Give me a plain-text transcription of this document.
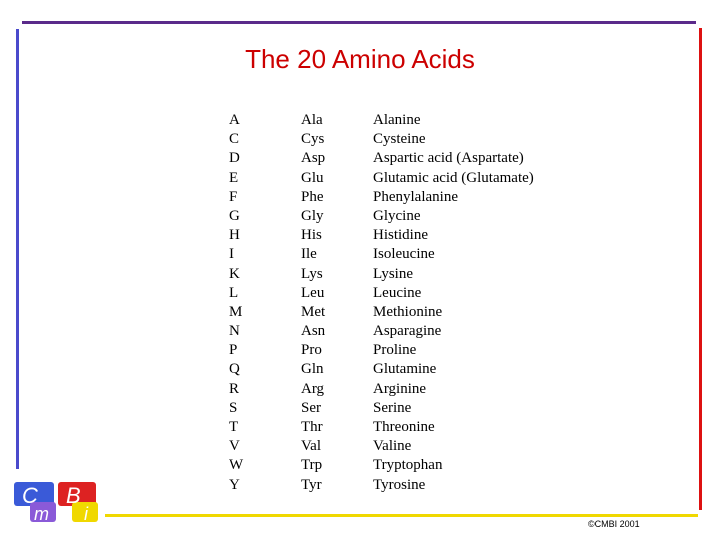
The 20 Amino Acids
A
C
D
E
F
G
H
I
K
L
M
N
P
Q
R
S
T
V
W
Y
Ala
Cys
Asp
Glu
Phe
Gly
His
Ile
Lys
Leu
Met
Asn
Pro
Gln
Arg
Ser
Thr
Val
Trp
Tyr
Alanine
Cysteine
Aspartic acid (Aspartate)
Glutamic acid (Glutamate)
Phenylalanine
Glycine
Histidine
Isoleucine
Lysine
Leucine
Methionine
Asparagine
Proline
Glutamine
Arginine
Serine
Threonine
Valine
Tryptophan
Tyrosine
C
m
B
i	©CMBI 2001
